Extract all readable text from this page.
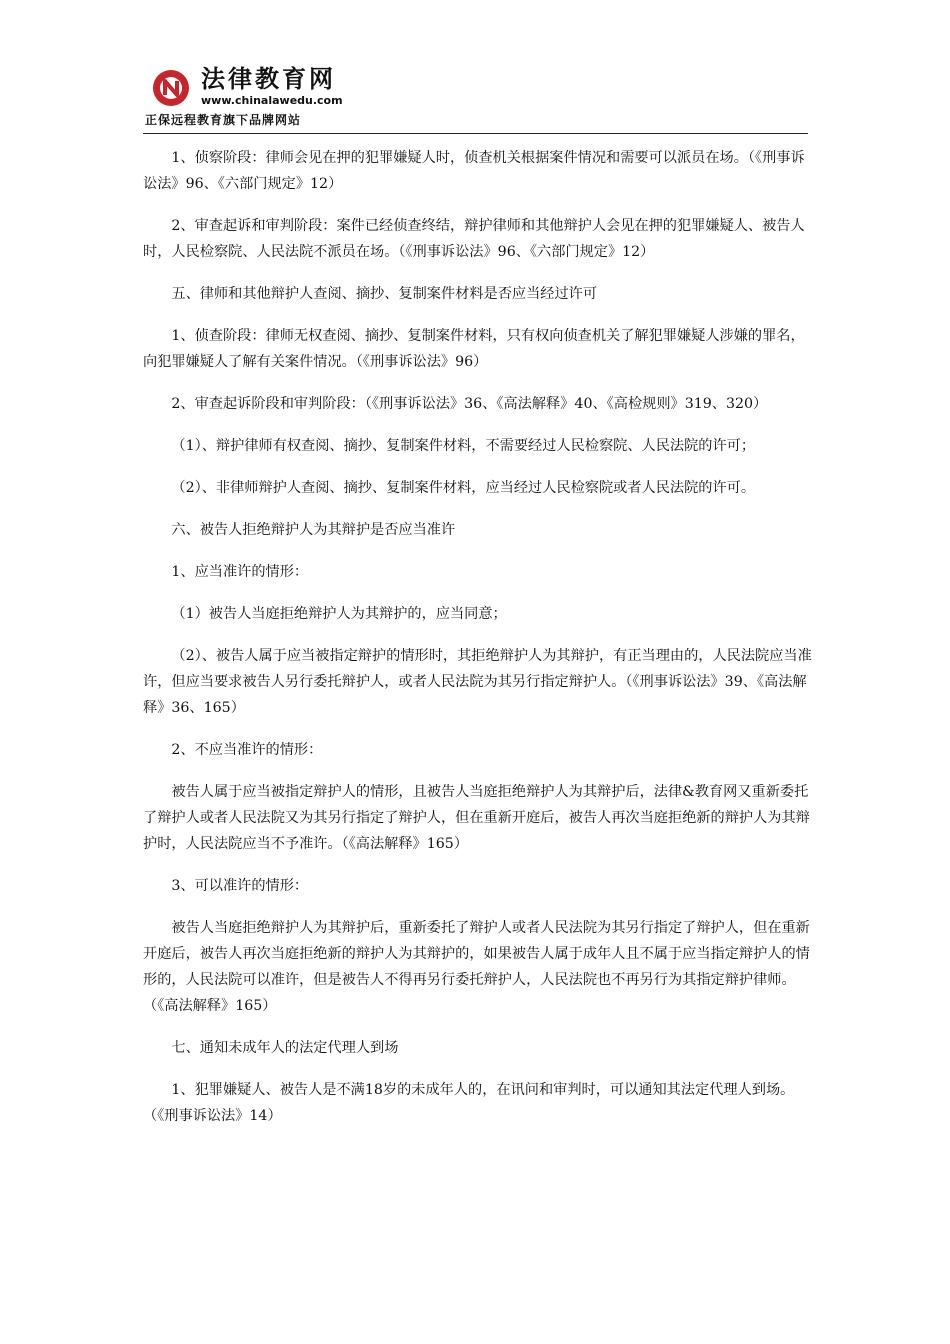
法律教育网
www.chinalawedu.com
正保远程教育旗下品牌网站

1、侦察阶段：律师会见在押的犯罪嫌疑人时，侦查机关根据案件情况和需要可以派员在场。（《刑事诉讼法》96、《六部门规定》12）

2、审查起诉和审判阶段：案件已经侦查终结，辩护律师和其他辩护人会见在押的犯罪嫌疑人、被告人时，人民检察院、人民法院不派员在场。（《刑事诉讼法》96、《六部门规定》12）

五、律师和其他辩护人查阅、摘抄、复制案件材料是否应当经过许可

1、侦查阶段：律师无权查阅、摘抄、复制案件材料，只有权向侦查机关了解犯罪嫌疑人涉嫌的罪名，向犯罪嫌疑人了解有关案件情况。（《刑事诉讼法》96）

2、审查起诉阶段和审判阶段：（《刑事诉讼法》36、《高法解释》40、《高检规则》319、320）

（1）、辩护律师有权查阅、摘抄、复制案件材料，不需要经过人民检察院、人民法院的许可；

（2）、非律师辩护人查阅、摘抄、复制案件材料，应当经过人民检察院或者人民法院的许可。

六、被告人拒绝辩护人为其辩护是否应当准许

1、应当准许的情形：

（1）被告人当庭拒绝辩护人为其辩护的，应当同意；

（2）、被告人属于应当被指定辩护的情形时，其拒绝辩护人为其辩护，有正当理由的，人民法院应当准许，但应当要求被告人另行委托辩护人，或者人民法院为其另行指定辩护人。（《刑事诉讼法》39、《高法解释》36、165）

2、不应当准许的情形：

被告人属于应当被指定辩护人的情形，且被告人当庭拒绝辩护人为其辩护后，法律&教育网又重新委托了辩护人或者人民法院又为其另行指定了辩护人，但在重新开庭后，被告人再次当庭拒绝新的辩护人为其辩护时，人民法院应当不予准许。（《高法解释》165）

3、可以准许的情形：

被告人当庭拒绝辩护人为其辩护后，重新委托了辩护人或者人民法院为其另行指定了辩护人，但在重新开庭后，被告人再次当庭拒绝新的辩护人为其辩护的，如果被告人属于成年人且不属于应当指定辩护人的情形的，人民法院可以准许，但是被告人不得再另行委托辩护人，人民法院也不再另行为其指定辩护律师。（《高法解释》165）

七、通知未成年人的法定代理人到场

1、犯罪嫌疑人、被告人是不满18岁的未成年人的，在讯问和审判时，可以通知其法定代理人到场。（《刑事诉讼法》14）
